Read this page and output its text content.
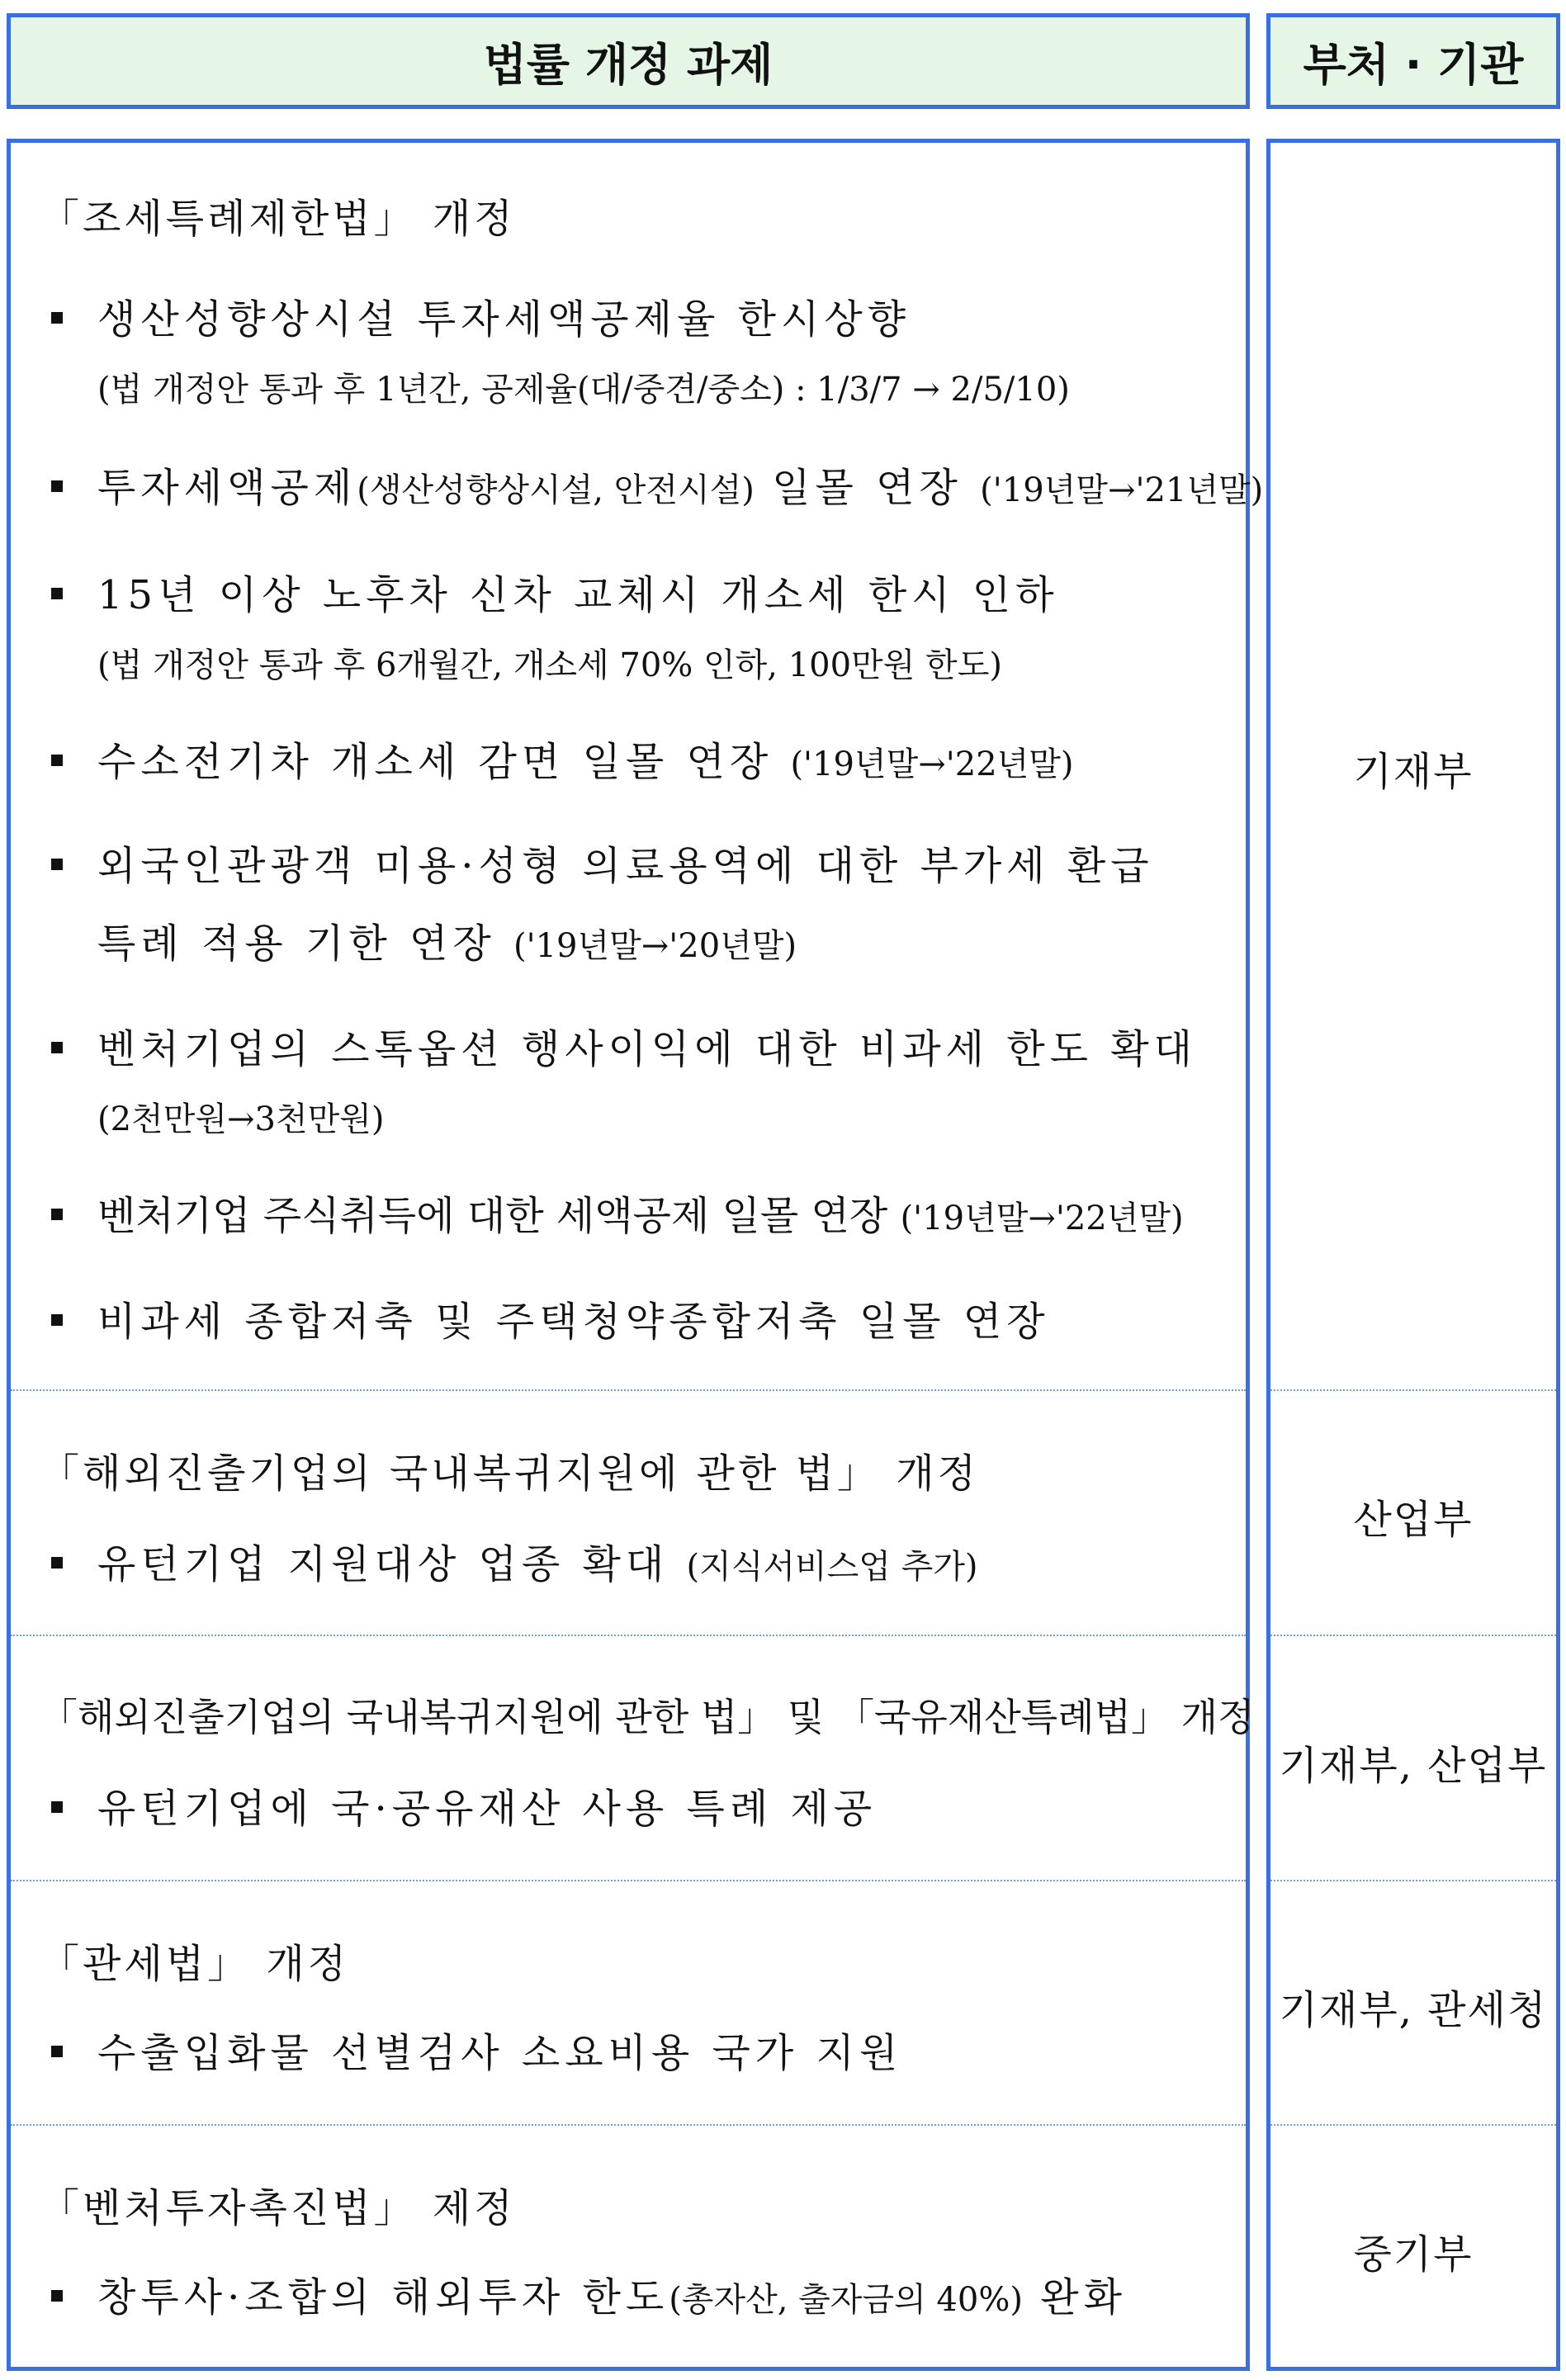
법률 개정 과제	부처 · 기관
「조세특례제한법」 개정
생산성향상시설 투자세액공제율 한시상향
(법 개정안 통과 후 1년간, 공제율(대/중견/중소) : 1/3/7 → 2/5/10)
투자세액공제(생산성향상시설, 안전시설) 일몰 연장 ('19년말→'21년말)
15년 이상 노후차 신차 교체시 개소세 한시 인하
(법 개정안 통과 후 6개월간, 개소세 70% 인하, 100만원 한도)
수소전기차 개소세 감면 일몰 연장 ('19년말→'22년말)
외국인관광객 미용·성형 의료용역에 대한 부가세 환급
특례 적용 기한 연장 ('19년말→'20년말)
벤처기업의 스톡옵션 행사이익에 대한 비과세 한도 확대
(2천만원→3천만원)
벤처기업 주식취득에 대한 세액공제 일몰 연장 ('19년말→'22년말)
비과세 종합저축 및 주택청약종합저축 일몰 연장
기재부
「해외진출기업의 국내복귀지원에 관한 법」 개정
유턴기업 지원대상 업종 확대 (지식서비스업 추가)
산업부
「해외진출기업의 국내복귀지원에 관한 법」 및 「국유재산특례법」 개정
유턴기업에 국·공유재산 사용 특례 제공
기재부, 산업부
「관세법」 개정
수출입화물 선별검사 소요비용 국가 지원
기재부, 관세청
「벤처투자촉진법」 제정
창투사·조합의 해외투자 한도(총자산, 출자금의 40%) 완화
중기부
